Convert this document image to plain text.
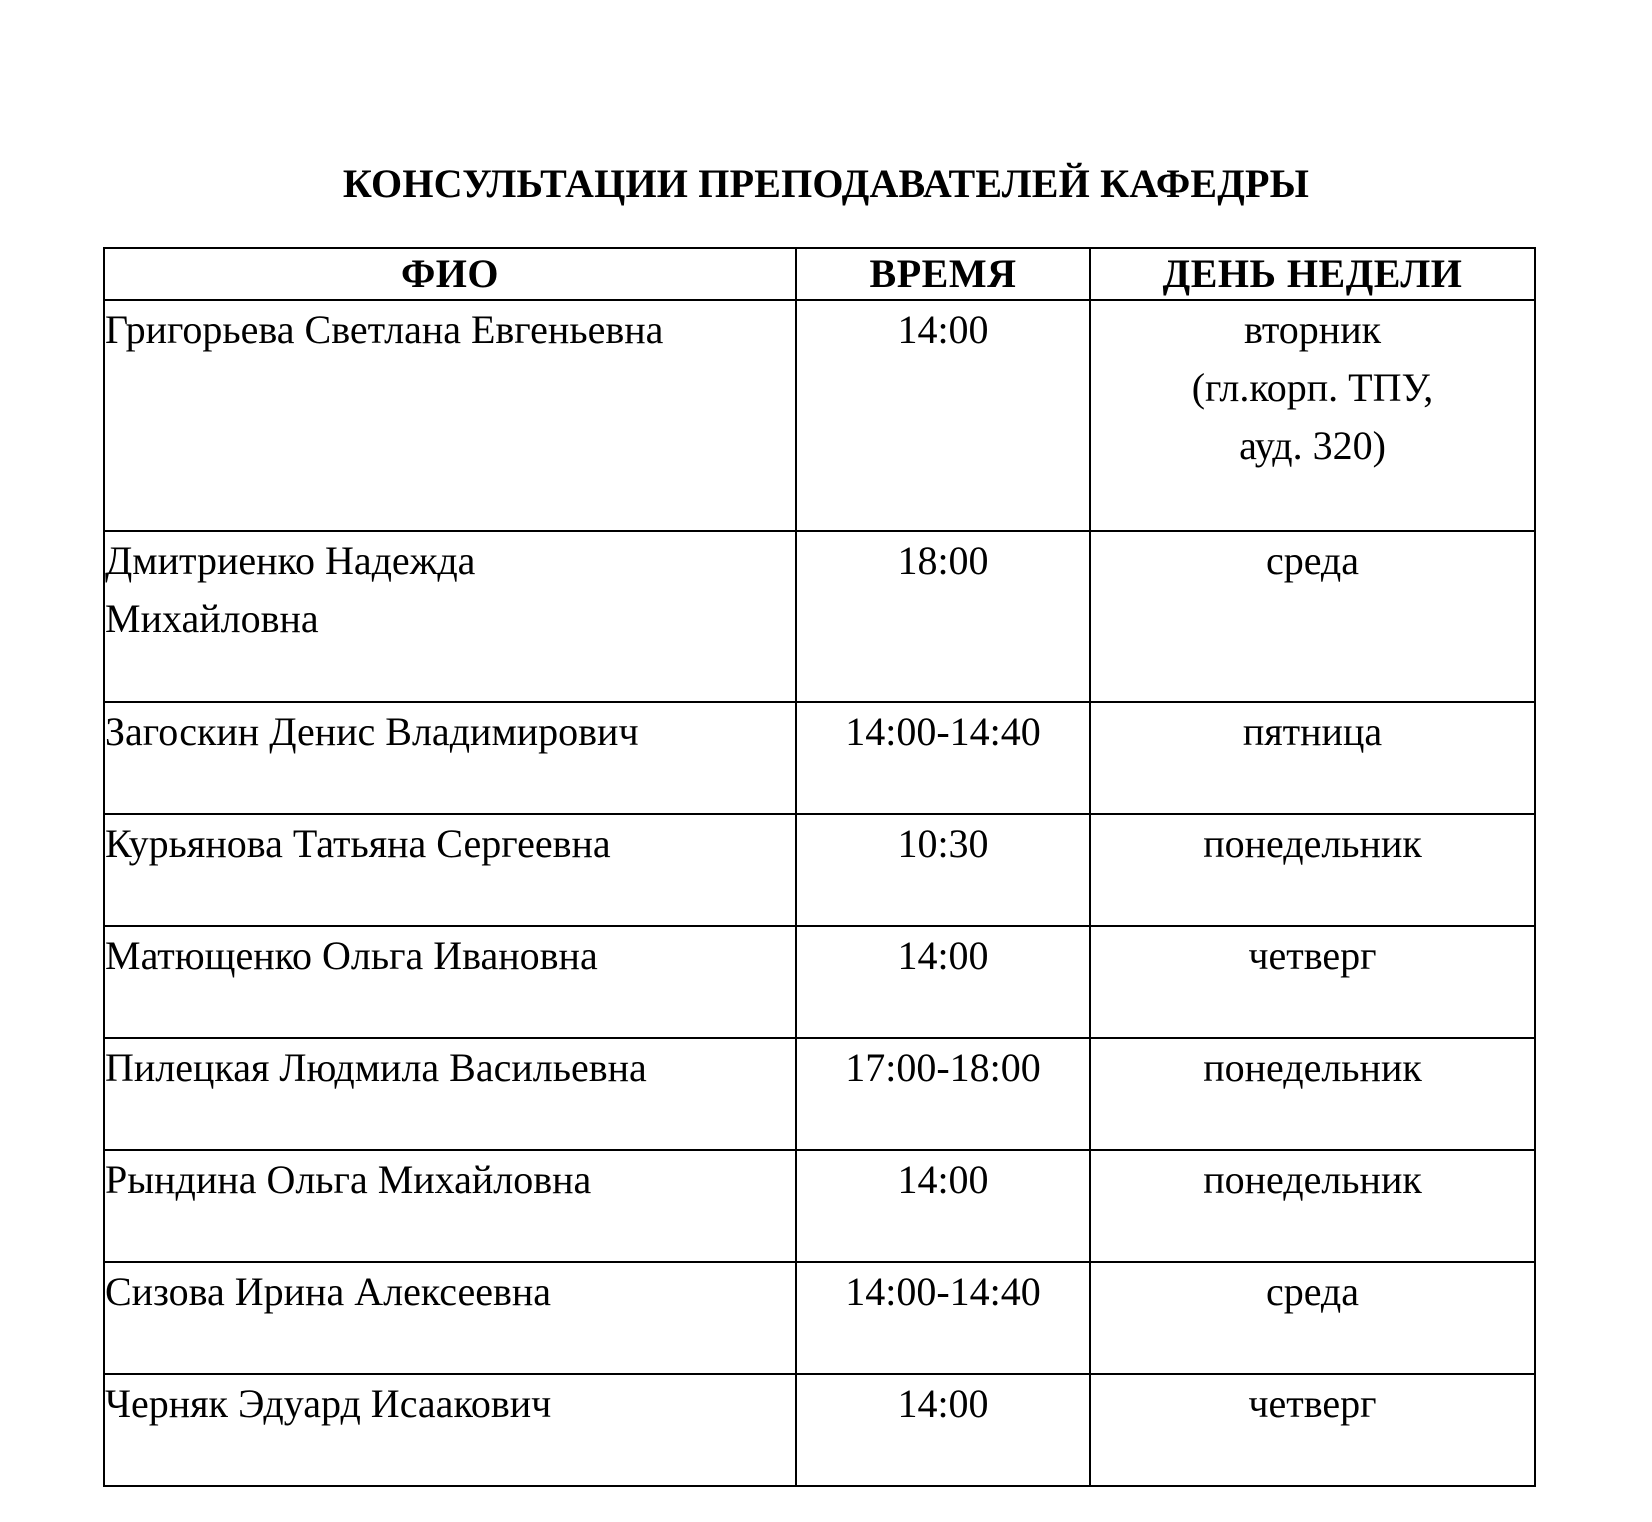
КОНСУЛЬТАЦИИ ПРЕПОДАВАТЕЛЕЙ КАФЕДРЫ
ФИО	ВРЕМЯ	ДЕНЬ НЕДЕЛИ

Григорьева Светлана Евгеньевна	14:00	вторник
(гл.корп. ТПУ,
ауд. 320)

Дмитриенко Надежда
Михайловна	18:00	среда

Загоскин Денис Владимирович	14:00-14:40	пятница

Курьянова Татьяна Сергеевна	10:30	понедельник

Матющенко Ольга Ивановна	14:00	четверг

Пилецкая Людмила Васильевна	17:00-18:00	понедельник

Рындина Ольга Михайловна	14:00	понедельник

Сизова Ирина Алексеевна	14:00-14:40	среда

Черняк Эдуард Исаакович	14:00	четверг
